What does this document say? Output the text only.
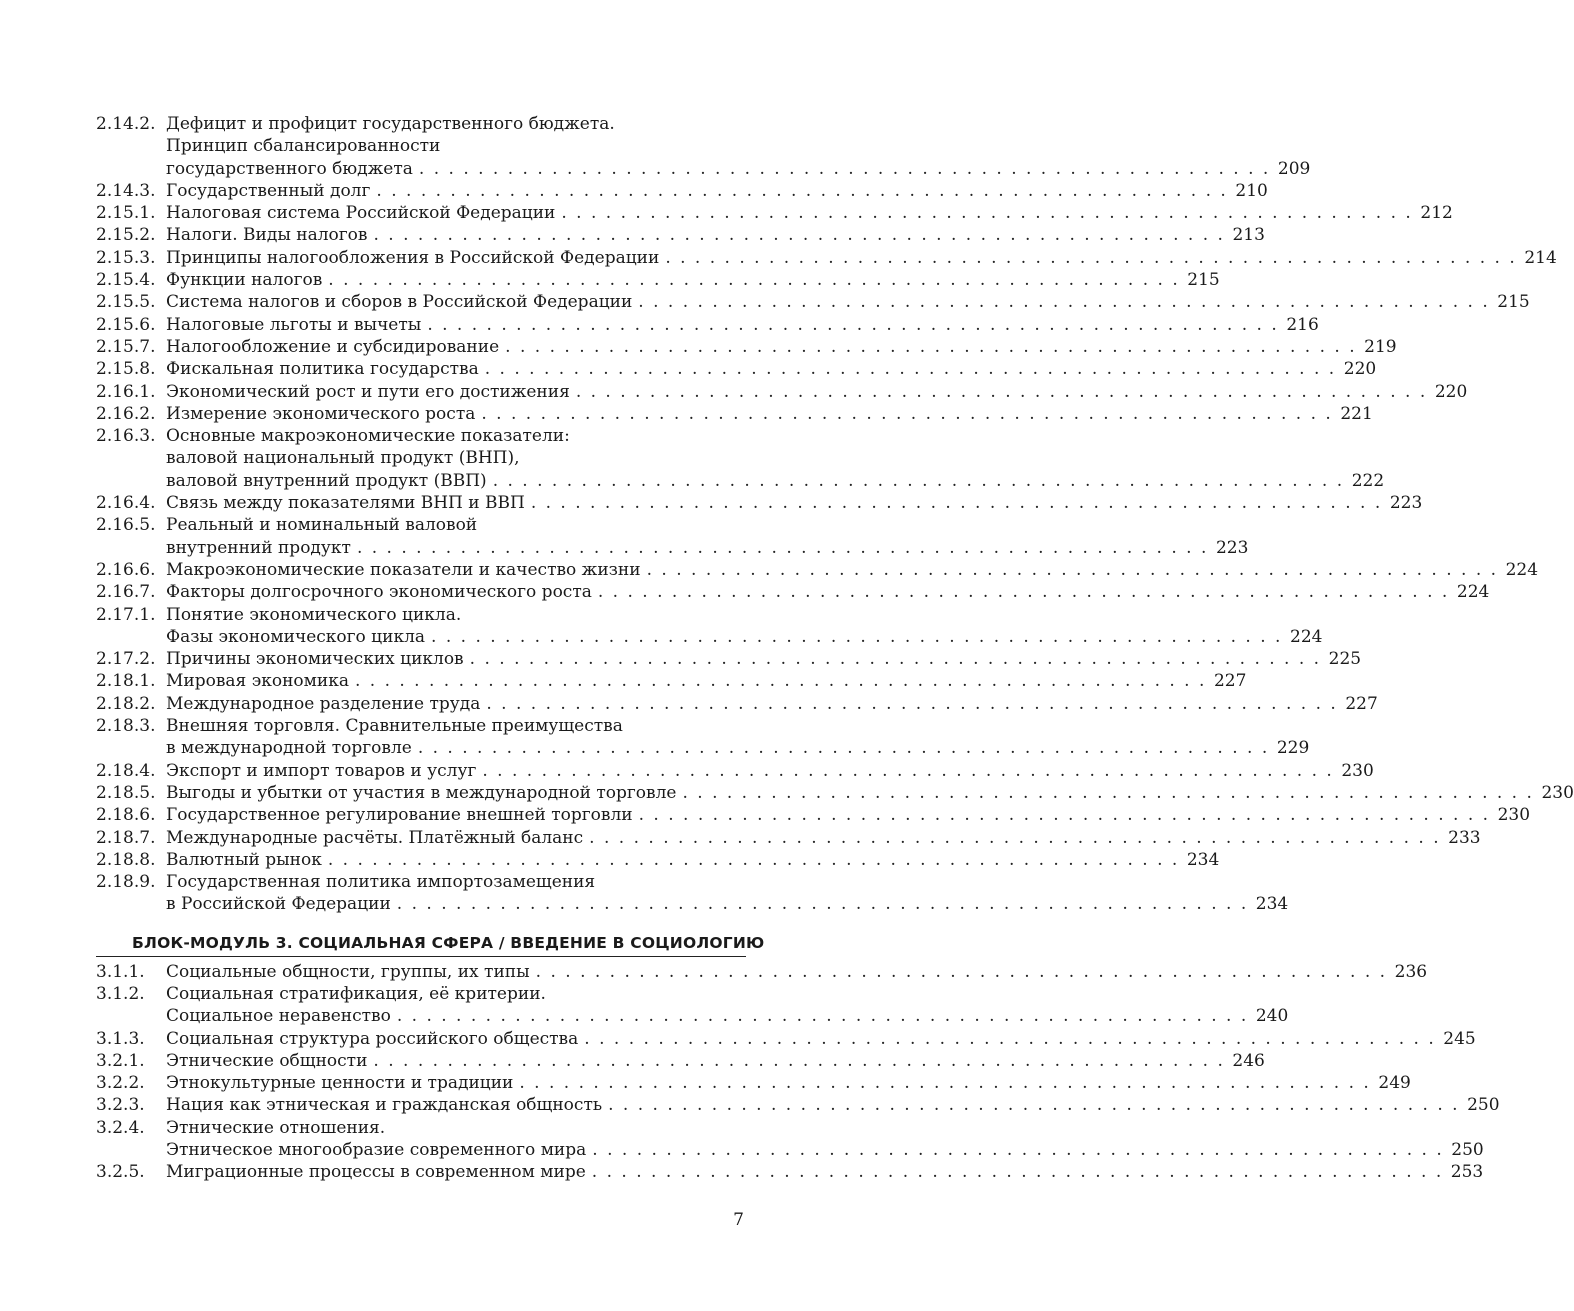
2.14.2. Дефицит и профицит государственного бюджета.
Принцип сбалансированности
государственного бюджета . . . . . . . . . . . . . . . . . . . . . . . . . . . . . . . . . . . . . . . . . . . . . . . . . . . . . . . . . . 209
2.14.3. Государственный долг . . . . . . . . . . . . . . . . . . . . . . . . . . . . . . . . . . . . . . . . . . . . . . . . . . . . . . . . . . 210
2.15.1. Налоговая система Российской Федерации . . . . . . . . . . . . . . . . . . . . . . . . . . . . . . . . . . . . . . . . . . . . . . . . . . . . . . . . . . 212
2.15.2. Налоги. Виды налогов . . . . . . . . . . . . . . . . . . . . . . . . . . . . . . . . . . . . . . . . . . . . . . . . . . . . . . . . . . 213
2.15.3. Принципы налогообложения в Российской Федерации . . . . . . . . . . . . . . . . . . . . . . . . . . . . . . . . . . . . . . . . . . . . . . . . . . . . . . . . . . 214
2.15.4. Функции налогов . . . . . . . . . . . . . . . . . . . . . . . . . . . . . . . . . . . . . . . . . . . . . . . . . . . . . . . . . . 215
2.15.5. Система налогов и сборов в Российской Федерации . . . . . . . . . . . . . . . . . . . . . . . . . . . . . . . . . . . . . . . . . . . . . . . . . . . . . . . . . . 215
2.15.6. Налоговые льготы и вычеты . . . . . . . . . . . . . . . . . . . . . . . . . . . . . . . . . . . . . . . . . . . . . . . . . . . . . . . . . . 216
2.15.7. Налогообложение и субсидирование . . . . . . . . . . . . . . . . . . . . . . . . . . . . . . . . . . . . . . . . . . . . . . . . . . . . . . . . . . 219
2.15.8. Фискальная политика государства . . . . . . . . . . . . . . . . . . . . . . . . . . . . . . . . . . . . . . . . . . . . . . . . . . . . . . . . . . 220
2.16.1. Экономический рост и пути его достижения . . . . . . . . . . . . . . . . . . . . . . . . . . . . . . . . . . . . . . . . . . . . . . . . . . . . . . . . . . 220
2.16.2. Измерение экономического роста . . . . . . . . . . . . . . . . . . . . . . . . . . . . . . . . . . . . . . . . . . . . . . . . . . . . . . . . . . 221
2.16.3. Основные макроэкономические показатели:
валовой национальный продукт (ВНП),
валовой внутренний продукт (ВВП) . . . . . . . . . . . . . . . . . . . . . . . . . . . . . . . . . . . . . . . . . . . . . . . . . . . . . . . . . . 222
2.16.4. Связь между показателями ВНП и ВВП . . . . . . . . . . . . . . . . . . . . . . . . . . . . . . . . . . . . . . . . . . . . . . . . . . . . . . . . . . 223
2.16.5. Реальный и номинальный валовой
внутренний продукт . . . . . . . . . . . . . . . . . . . . . . . . . . . . . . . . . . . . . . . . . . . . . . . . . . . . . . . . . . 223
2.16.6. Макроэкономические показатели и качество жизни . . . . . . . . . . . . . . . . . . . . . . . . . . . . . . . . . . . . . . . . . . . . . . . . . . . . . . . . . . 224
2.16.7. Факторы долгосрочного экономического роста . . . . . . . . . . . . . . . . . . . . . . . . . . . . . . . . . . . . . . . . . . . . . . . . . . . . . . . . . . 224
2.17.1. Понятие экономического цикла.
Фазы экономического цикла . . . . . . . . . . . . . . . . . . . . . . . . . . . . . . . . . . . . . . . . . . . . . . . . . . . . . . . . . . 224
2.17.2. Причины экономических циклов . . . . . . . . . . . . . . . . . . . . . . . . . . . . . . . . . . . . . . . . . . . . . . . . . . . . . . . . . . 225
2.18.1. Мировая экономика . . . . . . . . . . . . . . . . . . . . . . . . . . . . . . . . . . . . . . . . . . . . . . . . . . . . . . . . . . 227
2.18.2. Международное разделение труда . . . . . . . . . . . . . . . . . . . . . . . . . . . . . . . . . . . . . . . . . . . . . . . . . . . . . . . . . . 227
2.18.3. Внешняя торговля. Сравнительные преимущества
в международной торговле . . . . . . . . . . . . . . . . . . . . . . . . . . . . . . . . . . . . . . . . . . . . . . . . . . . . . . . . . . 229
2.18.4. Экспорт и импорт товаров и услуг . . . . . . . . . . . . . . . . . . . . . . . . . . . . . . . . . . . . . . . . . . . . . . . . . . . . . . . . . . 230
2.18.5. Выгоды и убытки от участия в международной торговле . . . . . . . . . . . . . . . . . . . . . . . . . . . . . . . . . . . . . . . . . . . . . . . . . . . . . . . . . . 230
2.18.6. Государственное регулирование внешней торговли . . . . . . . . . . . . . . . . . . . . . . . . . . . . . . . . . . . . . . . . . . . . . . . . . . . . . . . . . . 230
2.18.7. Международные расчёты. Платёжный баланс . . . . . . . . . . . . . . . . . . . . . . . . . . . . . . . . . . . . . . . . . . . . . . . . . . . . . . . . . . 233
2.18.8. Валютный рынок . . . . . . . . . . . . . . . . . . . . . . . . . . . . . . . . . . . . . . . . . . . . . . . . . . . . . . . . . . 234
2.18.9. Государственная политика импортозамещения
в Российской Федерации . . . . . . . . . . . . . . . . . . . . . . . . . . . . . . . . . . . . . . . . . . . . . . . . . . . . . . . . . . 234
БЛОК-МОДУЛЬ 3. СОЦИАЛЬНАЯ СФЕРА / ВВЕДЕНИЕ В СОЦИОЛОГИЮ
3.1.1.	Социальные общности, группы, их типы . . . . . . . . . . . . . . . . . . . . . . . . . . . . . . . . . . . . . . . . . . . . . . . . . . . . . . . . . . 236
3.1.2.	Социальная стратификация, её критерии.
Социальное неравенство . . . . . . . . . . . . . . . . . . . . . . . . . . . . . . . . . . . . . . . . . . . . . . . . . . . . . . . . . . 240
3.1.3.	Социальная структура российского общества . . . . . . . . . . . . . . . . . . . . . . . . . . . . . . . . . . . . . . . . . . . . . . . . . . . . . . . . . . 245
3.2.1.	Этнические общности . . . . . . . . . . . . . . . . . . . . . . . . . . . . . . . . . . . . . . . . . . . . . . . . . . . . . . . . . . 246
3.2.2.	Этнокультурные ценности и традиции . . . . . . . . . . . . . . . . . . . . . . . . . . . . . . . . . . . . . . . . . . . . . . . . . . . . . . . . . . 249
3.2.3.	Нация как этническая и гражданская общность . . . . . . . . . . . . . . . . . . . . . . . . . . . . . . . . . . . . . . . . . . . . . . . . . . . . . . . . . . 250
3.2.4.	Этнические отношения.
Этническое многообразие современного мира . . . . . . . . . . . . . . . . . . . . . . . . . . . . . . . . . . . . . . . . . . . . . . . . . . . . . . . . . . 250
3.2.5.	Миграционные процессы в современном мире . . . . . . . . . . . . . . . . . . . . . . . . . . . . . . . . . . . . . . . . . . . . . . . . . . . . . . . . . . 253
7
